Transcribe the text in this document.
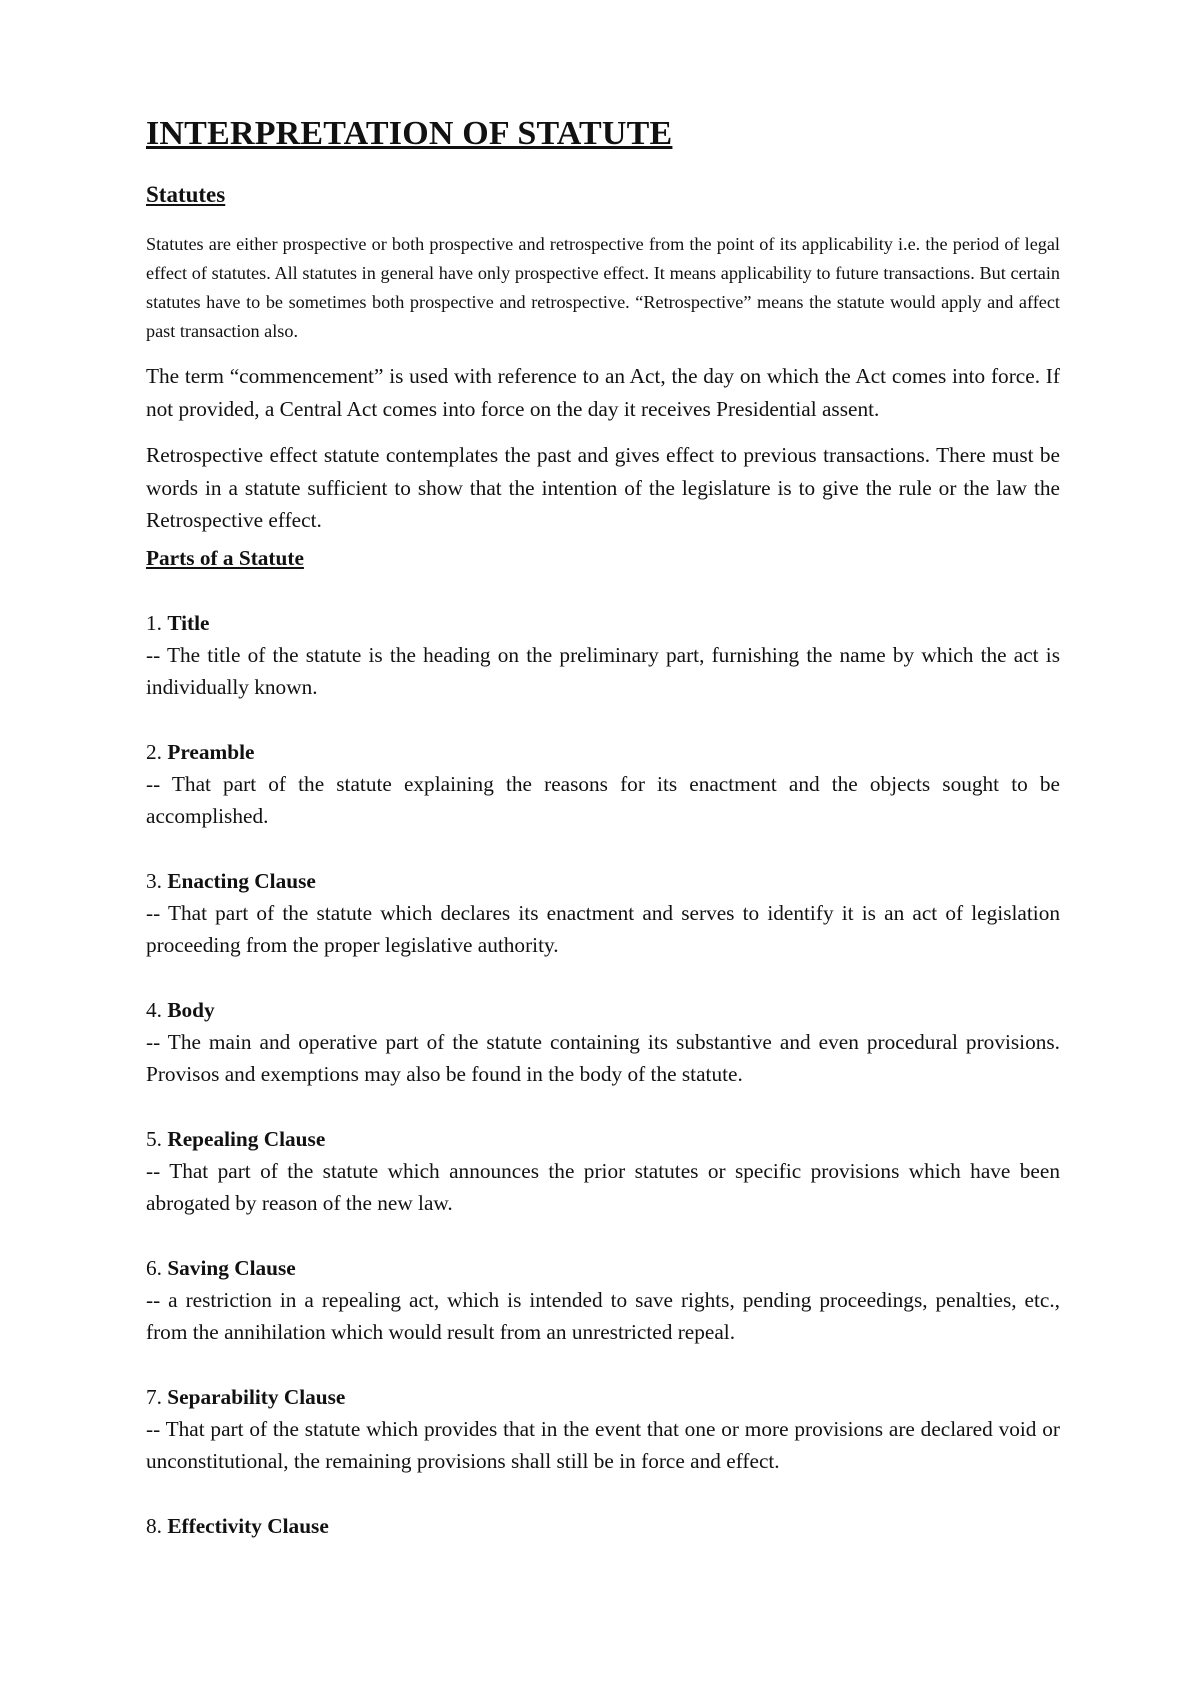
INTERPRETATION OF STATUTE
Statutes

Statutes are either prospective or both prospective and retrospective from the point of its applicability i.e. the period of legal effect of statutes. All statutes in general have only prospective effect. It means applicability to future transactions. But certain statutes have to be sometimes both prospective and retrospective. “Retrospective” means the statute would apply and affect past transaction also.

The term “commencement” is used with reference to an Act, the day on which the Act comes into force. If not provided, a Central Act comes into force on the day it receives Presidential assent.

Retrospective effect statute contemplates the past and gives effect to previous transactions. There must be words in a statute sufficient to show that the intention of the legislature is to give the rule or the law the Retrospective effect.

Parts of a Statute
1. Title
-- The title of the statute is the heading on the preliminary part, furnishing the name by which the act is individually known.
2. Preamble
-- That part of the statute explaining the reasons for its enactment and the objects sought to be accomplished.
3. Enacting Clause
-- That part of the statute which declares its enactment and serves to identify it is an act of legislation proceeding from the proper legislative authority.
4. Body
-- The main and operative part of the statute containing its substantive and even procedural provisions. Provisos and exemptions may also be found in the body of the statute.
5. Repealing Clause
-- That part of the statute which announces the prior statutes or specific provisions which have been abrogated by reason of the new law.
6. Saving Clause
-- a restriction in a repealing act, which is intended to save rights, pending proceedings, penalties, etc., from the annihilation which would result from an unrestricted repeal.
7. Separability Clause
-- That part of the statute which provides that in the event that one or more provisions are declared void or unconstitutional, the remaining provisions shall still be in force and effect.
8. Effectivity Clause
